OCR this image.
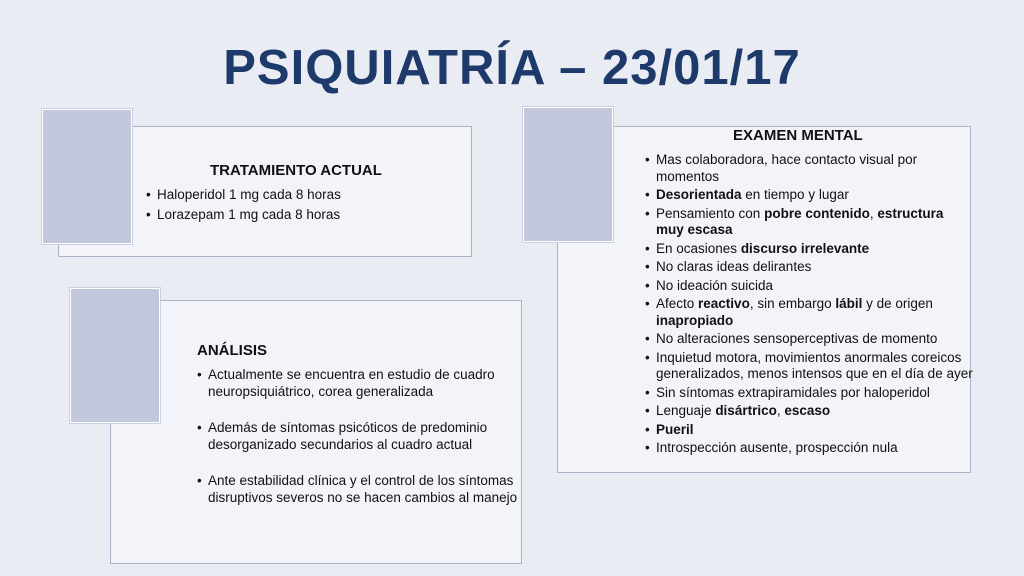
PSIQUIATRÍA – 23/01/17
TRATAMIENTO ACTUAL
• Haloperidol 1 mg cada 8 horas
• Lorazepam 1 mg cada 8 horas
ANÁLISIS
• Actualmente se encuentra en estudio de cuadro neuropsiquiátrico, corea generalizada
• Además de síntomas psicóticos de predominio desorganizado secundarios al cuadro actual
• Ante estabilidad clínica y el control de los síntomas disruptivos severos no se hacen cambios al manejo
EXAMEN MENTAL
• Mas colaboradora, hace contacto visual por momentos
• Desorientada en tiempo y lugar
• Pensamiento con pobre contenido, estructura muy escasa
• En ocasiones discurso irrelevante
• No claras ideas delirantes
• No ideación suicida
• Afecto reactivo, sin embargo lábil y de origen inapropiado
• No alteraciones sensoperceptivas de momento
• Inquietud motora, movimientos anormales coreicos generalizados, menos intensos que en el día de ayer
• Sin síntomas extrapiramidales por haloperidol
• Lenguaje disártrico, escaso
• Pueril
• Introspección ausente, prospección nula
